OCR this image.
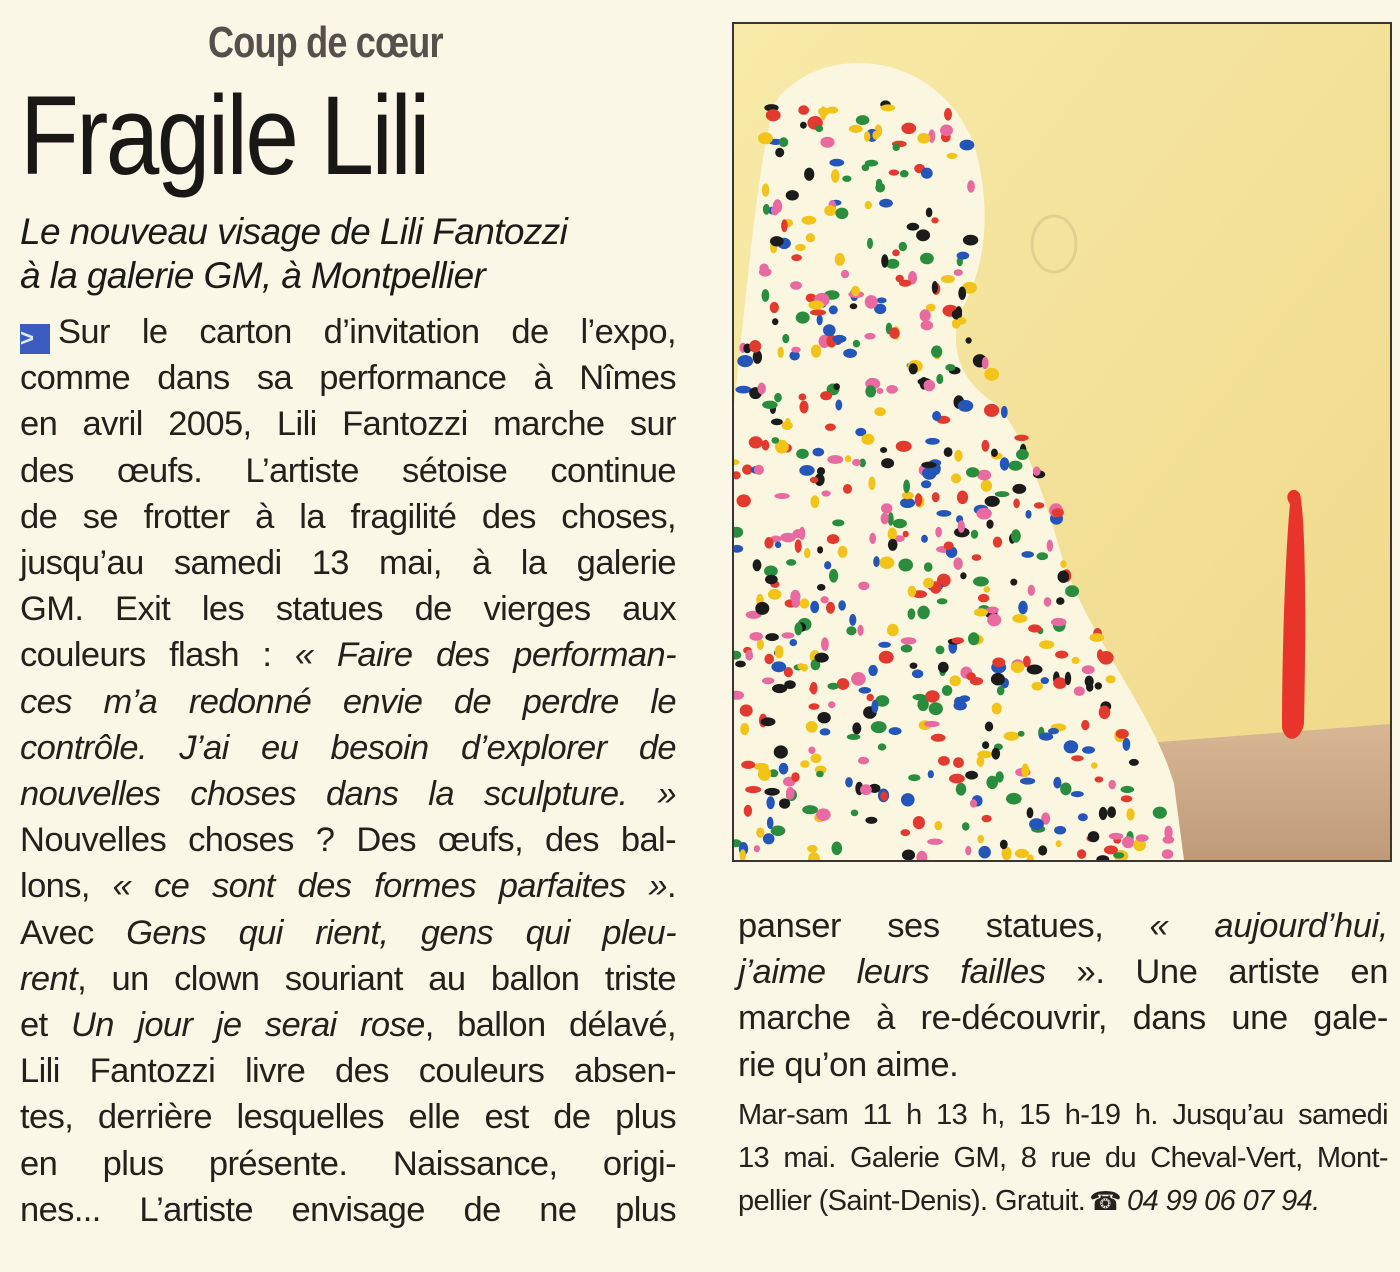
Coup de cœur
Fragile Lili
Le nouveau visage de Lili Fantozzi
à la galerie GM, à Montpellier
> Sur le carton d’invitation de l’expo,
comme dans sa performance à Nîmes
en avril 2005, Lili Fantozzi marche sur
des œufs. L’artiste sétoise continue
de se frotter à la fragilité des choses,
jusqu’au samedi 13 mai, à la galerie
GM. Exit les statues de vierges aux
couleurs flash : « Faire des performan-
ces m’a redonné envie de perdre le
contrôle. J’ai eu besoin d’explorer de
nouvelles choses dans la sculpture. »
Nouvelles choses ? Des œufs, des bal-
lons, « ce sont des formes parfaites ».
Avec Gens qui rient, gens qui pleu-
rent, un clown souriant au ballon triste
et Un jour je serai rose, ballon délavé,
Lili Fantozzi livre des couleurs absen-
tes, derrière lesquelles elle est de plus
en plus présente. Naissance, origi-
nes... L’artiste envisage de ne plus
panser ses statues, « aujourd’hui,
j’aime leurs failles ». Une artiste en
marche à re-découvrir, dans une gale-
rie qu’on aime.
Mar-sam 11 h 13 h, 15 h-19 h. Jusqu’au samedi
13 mai. Galerie GM, 8 rue du Cheval-Vert, Mont-
pellier (Saint-Denis). Gratuit. ☎ 04 99 06 07 94.
